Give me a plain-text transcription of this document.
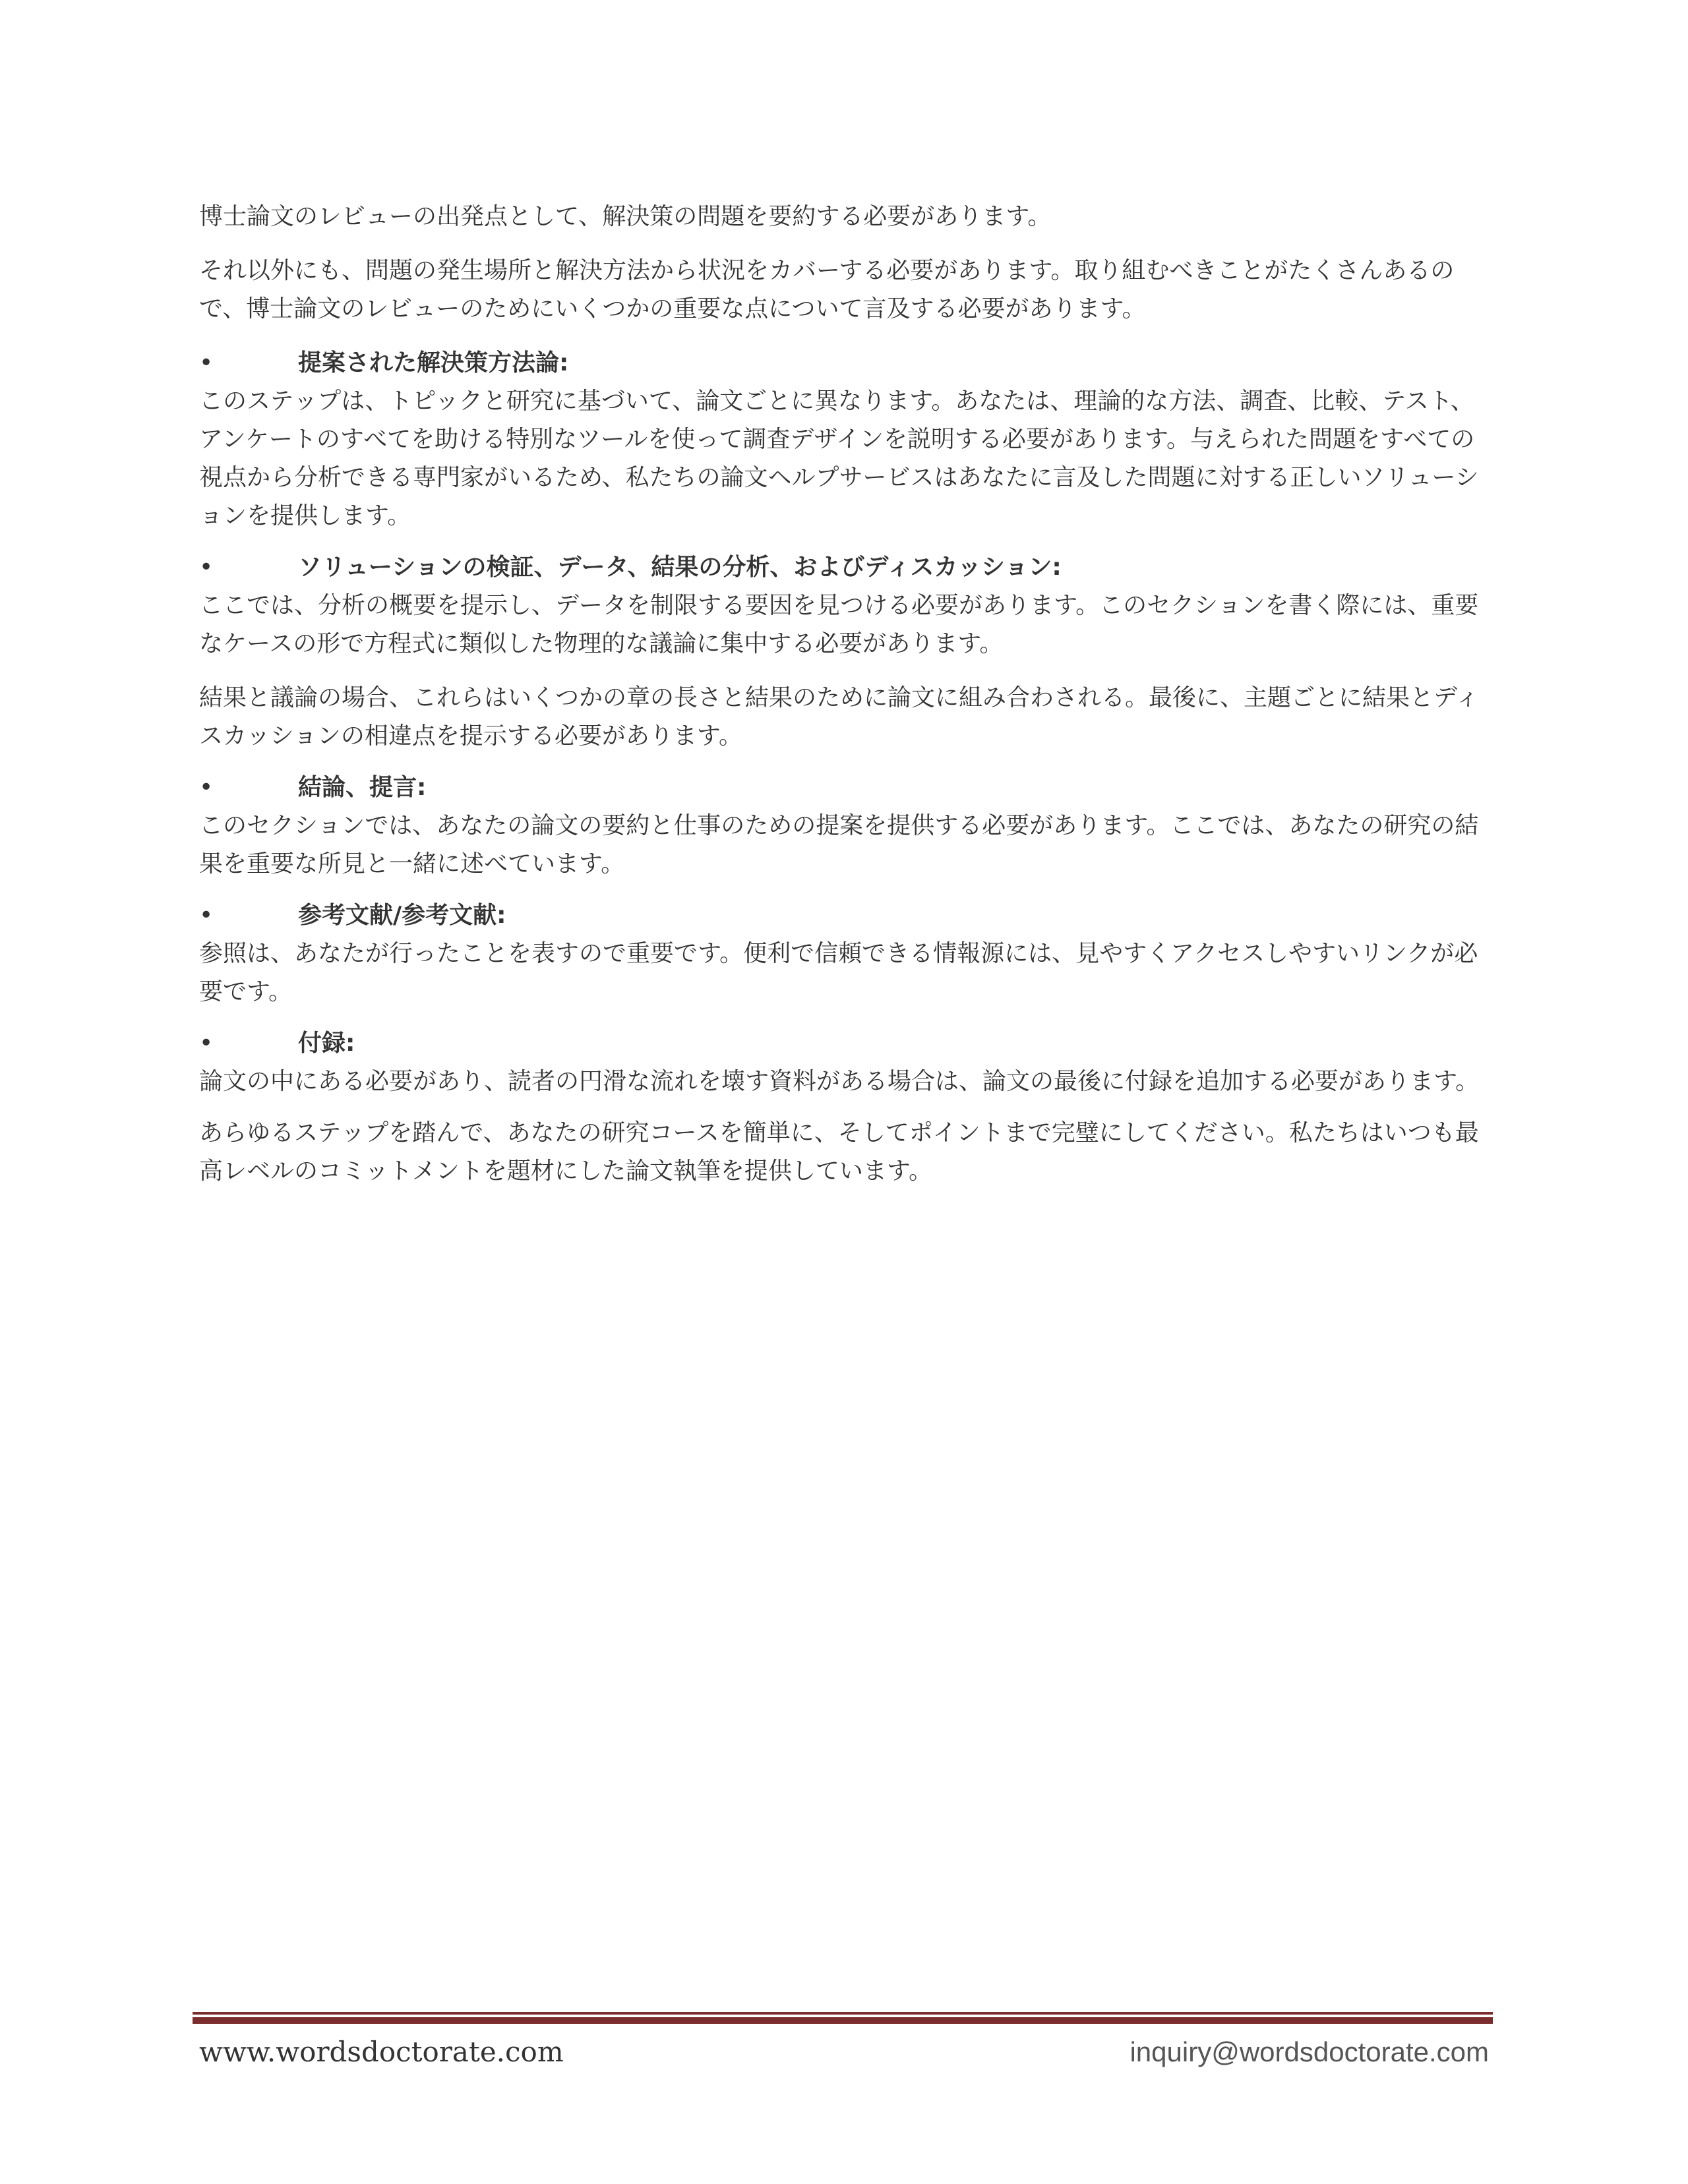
博士論文のレビューの出発点として、解決策の問題を要約する必要があります。

それ以外にも、問題の発生場所と解決方法から状況をカバーする必要があります。取り組むべきことがたくさんあるので、博士論文のレビューのためにいくつかの重要な点について言及する必要があります。

•	提案された解決策方法論:

このステップは、トピックと研究に基づいて、論文ごとに異なります。あなたは、理論的な方法、調査、比較、テスト、アンケートのすべてを助ける特別なツールを使って調査デザインを説明する必要があります。与えられた問題をすべての視点から分析できる専門家がいるため、私たちの論文ヘルプサービスはあなたに言及した問題に対する正しいソリューションを提供します。

•	ソリューションの検証、データ、結果の分析、およびディスカッション:

ここでは、分析の概要を提示し、データを制限する要因を見つける必要があります。このセクションを書く際には、重要なケースの形で方程式に類似した物理的な議論に集中する必要があります。

結果と議論の場合、これらはいくつかの章の長さと結果のために論文に組み合わされる。最後に、主題ごとに結果とディスカッションの相違点を提示する必要があります。

•	結論、提言:

このセクションでは、あなたの論文の要約と仕事のための提案を提供する必要があります。ここでは、あなたの研究の結果を重要な所見と一緒に述べています。

•	参考文献/参考文献:

参照は、あなたが行ったことを表すので重要です。便利で信頼できる情報源には、見やすくアクセスしやすいリンクが必要です。

•	付録:

論文の中にある必要があり、読者の円滑な流れを壊す資料がある場合は、論文の最後に付録を追加する必要があります。

あらゆるステップを踏んで、あなたの研究コースを簡単に、そしてポイントまで完璧にしてください。私たちはいつも最高レベルのコミットメントを題材にした論文執筆を提供しています。

www.wordsdoctorate.com	inquiry@wordsdoctorate.com
